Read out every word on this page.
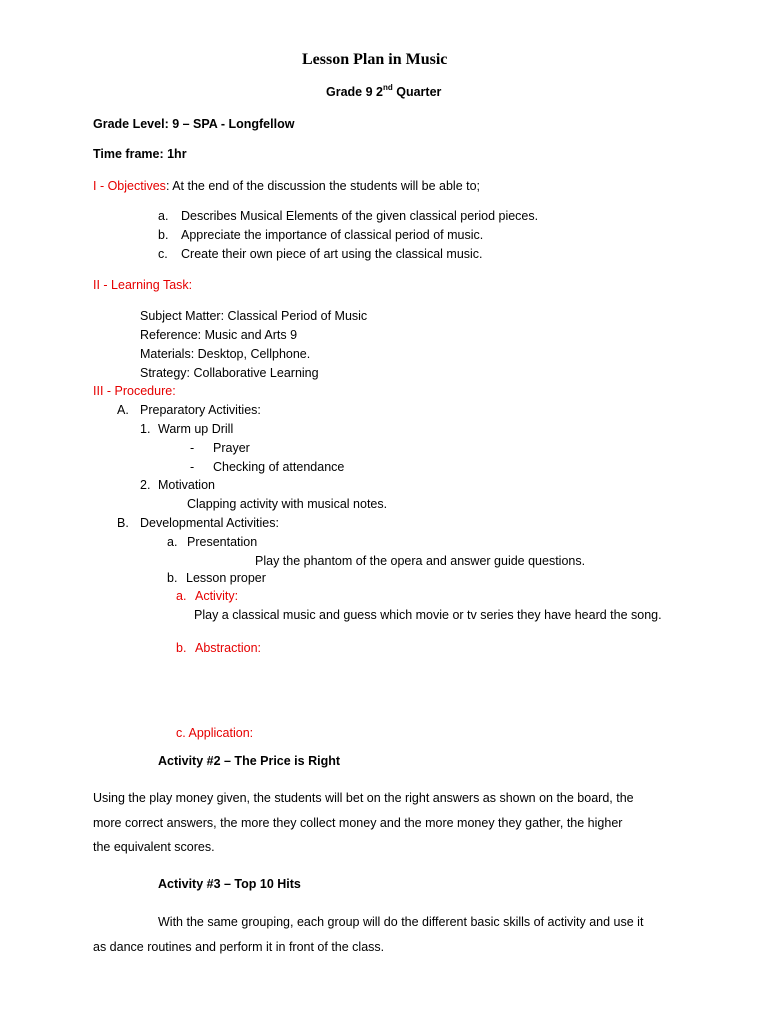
Lesson Plan in Music
Grade 9 2nd Quarter
Grade Level: 9 – SPA - Longfellow
Time frame: 1hr
I - Objectives: At the end of the discussion the students will be able to;
a. Describes Musical Elements of the given classical period pieces.
b. Appreciate the importance of classical period of music.
c. Create their own piece of art using the classical music.
II - Learning Task:
Subject Matter: Classical Period of Music
Reference: Music and Arts 9
Materials: Desktop, Cellphone.
Strategy: Collaborative Learning
III - Procedure:
A. Preparatory Activities:
1. Warm up Drill
- Prayer
- Checking of attendance
2. Motivation
Clapping activity with musical notes.
B. Developmental Activities:
a. Presentation
Play the phantom of the opera and answer guide questions.
b. Lesson proper
a. Activity:
Play a classical music and guess which movie or tv series they have heard the song.
b. Abstraction:
c. Application:
Activity #2 – The Price is Right
Using the play money given, the students will bet on the right answers as shown on the board, the
more correct answers, the more they collect money and the more money they gather, the higher
the equivalent scores.
Activity #3 – Top 10 Hits
With the same grouping, each group will do the different basic skills of activity and use it
as dance routines and perform it in front of the class.
